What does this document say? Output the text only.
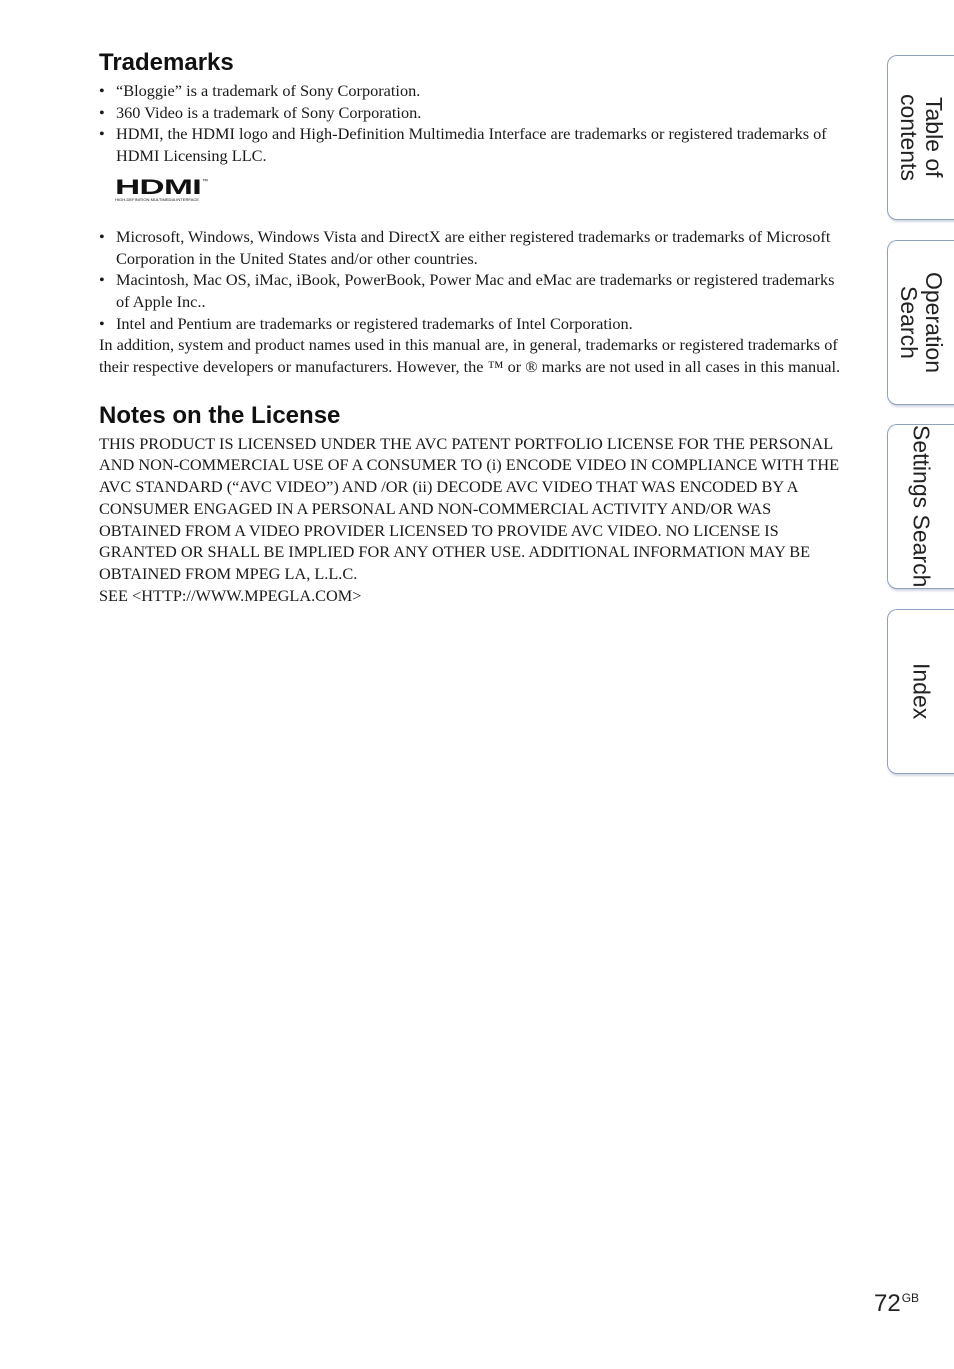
Trademarks
• “Bloggie” is a trademark of Sony Corporation.
• 360 Video is a trademark of Sony Corporation.
• HDMI, the HDMI logo and High-Definition Multimedia Interface are trademarks or registered trademarks of HDMI Licensing LLC.
HDMI ™
HIGH-DEFINITION MULTIMEDIA INTERFACE
• Microsoft, Windows, Windows Vista and DirectX are either registered trademarks or trademarks of Microsoft Corporation in the United States and/or other countries.
• Macintosh, Mac OS, iMac, iBook, PowerBook, Power Mac and eMac are trademarks or registered trademarks of Apple Inc..
• Intel and Pentium are trademarks or registered trademarks of Intel Corporation.

In addition, system and product names used in this manual are, in general, trademarks or registered trademarks of their respective developers or manufacturers. However, the ™ or ® marks are not used in all cases in this manual.

Notes on the License

THIS PRODUCT IS LICENSED UNDER THE AVC PATENT PORTFOLIO LICENSE FOR THE PERSONAL AND NON-COMMERCIAL USE OF A CONSUMER TO (i) ENCODE VIDEO IN COMPLIANCE WITH THE AVC STANDARD (“AVC VIDEO”) AND /OR (ii) DECODE AVC VIDEO THAT WAS ENCODED BY A CONSUMER ENGAGED IN A PERSONAL AND NON-COMMERCIAL ACTIVITY AND/OR WAS OBTAINED FROM A VIDEO PROVIDER LICENSED TO PROVIDE AVC VIDEO. NO LICENSE IS GRANTED OR SHALL BE IMPLIED FOR ANY OTHER USE. ADDITIONAL INFORMATION MAY BE OBTAINED FROM MPEG LA, L.L.C.

SEE <HTTP://WWW.MPEGLA.COM>

Table of contents
Operation Search
Settings Search
Index
$72^{GB}$
